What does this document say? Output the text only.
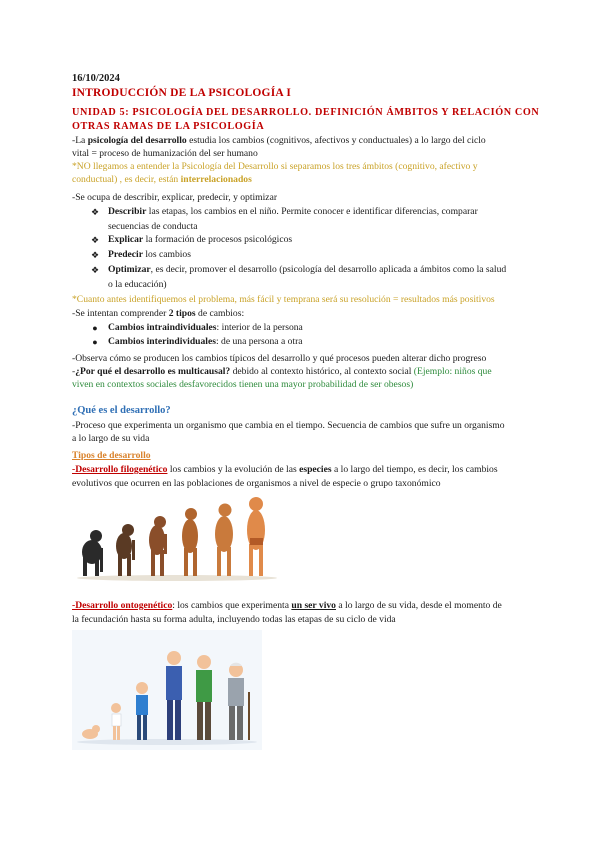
16/10/2024
INTRODUCCIÓN DE LA PSICOLOGÍA I
UNIDAD 5: PSICOLOGÍA DEL DESARROLLO. DEFINICIÓN ÁMBITOS Y RELACIÓN CON
OTRAS RAMAS DE LA PSICOLOGÍA
-La psicología del desarrollo estudia los cambios (cognitivos, afectivos y conductuales) a lo largo del ciclo
vital = proceso de humanización del ser humano
*NO llegamos a entender la Psicología del Desarrollo si separamos los tres ámbitos (cognitivo, afectivo y
conductual) , es decir, están interrelacionados
-Se ocupa de describir, explicar, predecir, y optimizar
❖ Describir las etapas, los cambios en el niño. Permite conocer e identificar diferencias, comparar
secuencias de conducta
❖ Explicar la formación de procesos psicológicos
❖ Predecir los cambios
❖ Optimizar, es decir, promover el desarrollo (psicología del desarrollo aplicada a ámbitos como la salud
o la educación)
*Cuanto antes identifiquemos el problema, más fácil y temprana será su resolución = resultados más positivos
-Se intentan comprender 2 tipos de cambios:
●	Cambios intraindividuales: interior de la persona
●	Cambios interindividuales: de una persona a otra
-Observa cómo se producen los cambios típicos del desarrollo y qué procesos pueden alterar dicho progreso
-¿Por qué el desarrollo es multicausal? debido al contexto histórico, al contexto social (Ejemplo: niños que
viven en contextos sociales desfavorecidos tienen una mayor probabilidad de ser obesos)
¿Qué es el desarrollo?
-Proceso que experimenta un organismo que cambia en el tiempo. Secuencia de cambios que sufre un organismo
a lo largo de su vida
Tipos de desarrollo
-Desarrollo filogenético los cambios y la evolución de las especies a lo largo del tiempo, es decir, los cambios
evolutivos que ocurren en las poblaciones de organismos a nivel de especie o grupo taxonómico
-Desarrollo ontogenético: los cambios que experimenta un ser vivo a lo largo de su vida, desde el momento de
la fecundación hasta su forma adulta, incluyendo todas las etapas de su ciclo de vida
